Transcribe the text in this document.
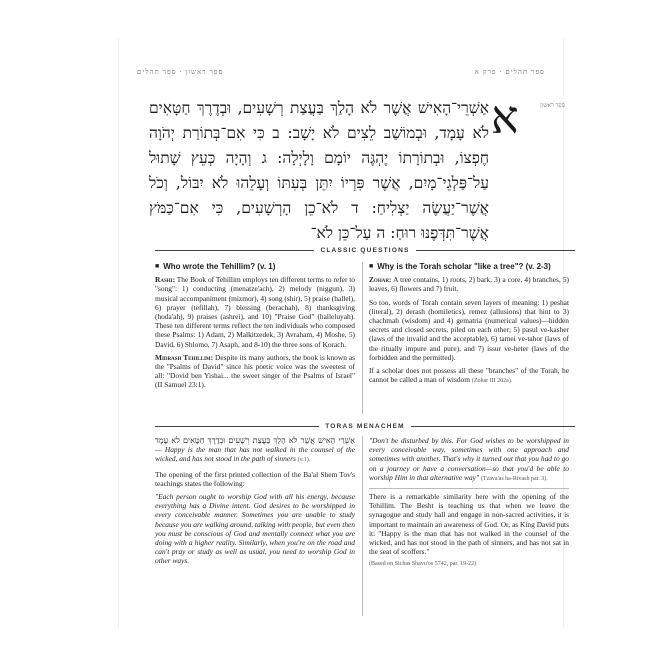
ספר תהלים · פרק א
ספר ראשון · ספר תהלים
אַשְׁרֵי־הָאִישׁ אֲשֶׁר לֹא הָלַךְ בַּעֲצַת רְשָׁעִים, וּבְדֶרֶךְ חַטָּאִים לֹא עָמָד, וּבְמוֹשַׁב לֵצִים לֹא יָשָׁב: ב כִּי אִם־בְּתוֹרַת יְהֹוָה חֶפְצוֹ, וּבְתוֹרָתוֹ יֶהְגֶּה יוֹמָם וָלָיְלָה: ג וְהָיָה כְּעֵץ שָׁתוּל עַל־פַּלְגֵי־מָיִם, אֲשֶׁר פִּרְיוֹ יִתֵּן בְּעִתּוֹ וְעָלֵהוּ לֹא יִבּוֹל, וְכֹל אֲשֶׁר־יַעֲשֶׂה יַצְלִיחַ: ד לֹא־כֵן הָרְשָׁעִים, כִּי אִם־כַּמֹּץ אֲשֶׁר־תִּדְּפֶנּוּ רוּחַ: ה עַל־כֵּן לֹא־
א	ספר ראשון
CLASSIC QUESTIONS
■ Who wrote the Tehillim? (v. 1)

Rashi: The Book of Tehillim employs ten different terms to refer to "song": 1) conducting (menatze'ach), 2) melody (niggun), 3) musical accompaniment (mizmor), 4) song (shir), 5) praise (hallel), 6) prayer (tefillah), 7) blessing (berachah), 8) thanksgiving (hoda'ah), 9) praises (ashrei), and 10) "Praise God" (halleluyah). These ten different terms reflect the ten individuals who composed these Psalms: 1) Adam, 2) Malkitzedek, 3) Avraham, 4) Moshe, 5) David, 6) Shlomo, 7) Asaph, and 8-10) the three sons of Korach.

Midrash Tehillim: Despite its many authors, the book is known as the "Psalms of David" since his poetic voice was the sweetest of all: "Dovid ben Yishai... the sweet singer of the Psalms of Israel" (II Samuel 23:1).

■ Why is the Torah scholar "like a tree"? (v. 2-3)

Zohar: A tree contains, 1) roots, 2) bark, 3) a core, 4) branches, 5) leaves, 6) flowers and 7) fruit.

So too, words of Torah contain seven layers of meaning: 1) peshat (literal), 2) derash (homiletics), remez (allusions) that hint to 3) chachmah (wisdom) and 4) gematria (numerical values)—hidden secrets and closed secrets, piled on each other; 5) pasul ve-kasher (laws of the invalid and the acceptable), 6) tamei ve-tahor (laws of the ritually impure and pure), and 7) issur ve-heter (laws of the forbidden and the permitted).

If a scholar does not possess all these "branches" of the Torah, he cannot be called a man of wisdom (Zohar III 202a).

TORAS MENACHEM

אַשְׁרֵי הָאִישׁ אֲשֶׁר לֹא הָלַךְ בַּעֲצַת רְשָׁעִים וּבְדֶרֶךְ חַטָּאִים לֹא עָמָד — Happy is the man that has not walked in the counsel of the wicked, and has not stood in the path of sinners (v.1).

The opening of the first printed collection of the Ba'al Shem Tov's teachings states the following:

"Each person ought to worship God with all his energy, because everything has a Divine intent. God desires to be worshipped in every conceivable manner. Sometimes you are unable to study because you are walking around, talking with people, but even then you must be conscious of God and mentally connect what you are doing with a higher reality. Similarly, when you're on the road and can't pray or study as well as usual, you need to worship God in other ways.

"Don't be disturbed by this. For God wishes to be worshipped in every conceivable way, sometimes with one approach and sometimes with another. That's why it turned out that you had to go on a journey or have a conversation—so that you'd be able to worship Him in that alternative way" (Tzava'as ha-Rivash par. 3).

There is a remarkable similarity here with the opening of the Tehillim. The Besht is teaching us that when we leave the synagogue and study hall and engage in non-sacred activities, it is important to maintain an awareness of God. Or, as King David puts it: "Happy is the man that has not walked in the counsel of the wicked, and has not stood in the path of sinners, and has not sat in the seat of scoffers."

(Based on Sichas Shavu'os 5742, par. 19-22)
